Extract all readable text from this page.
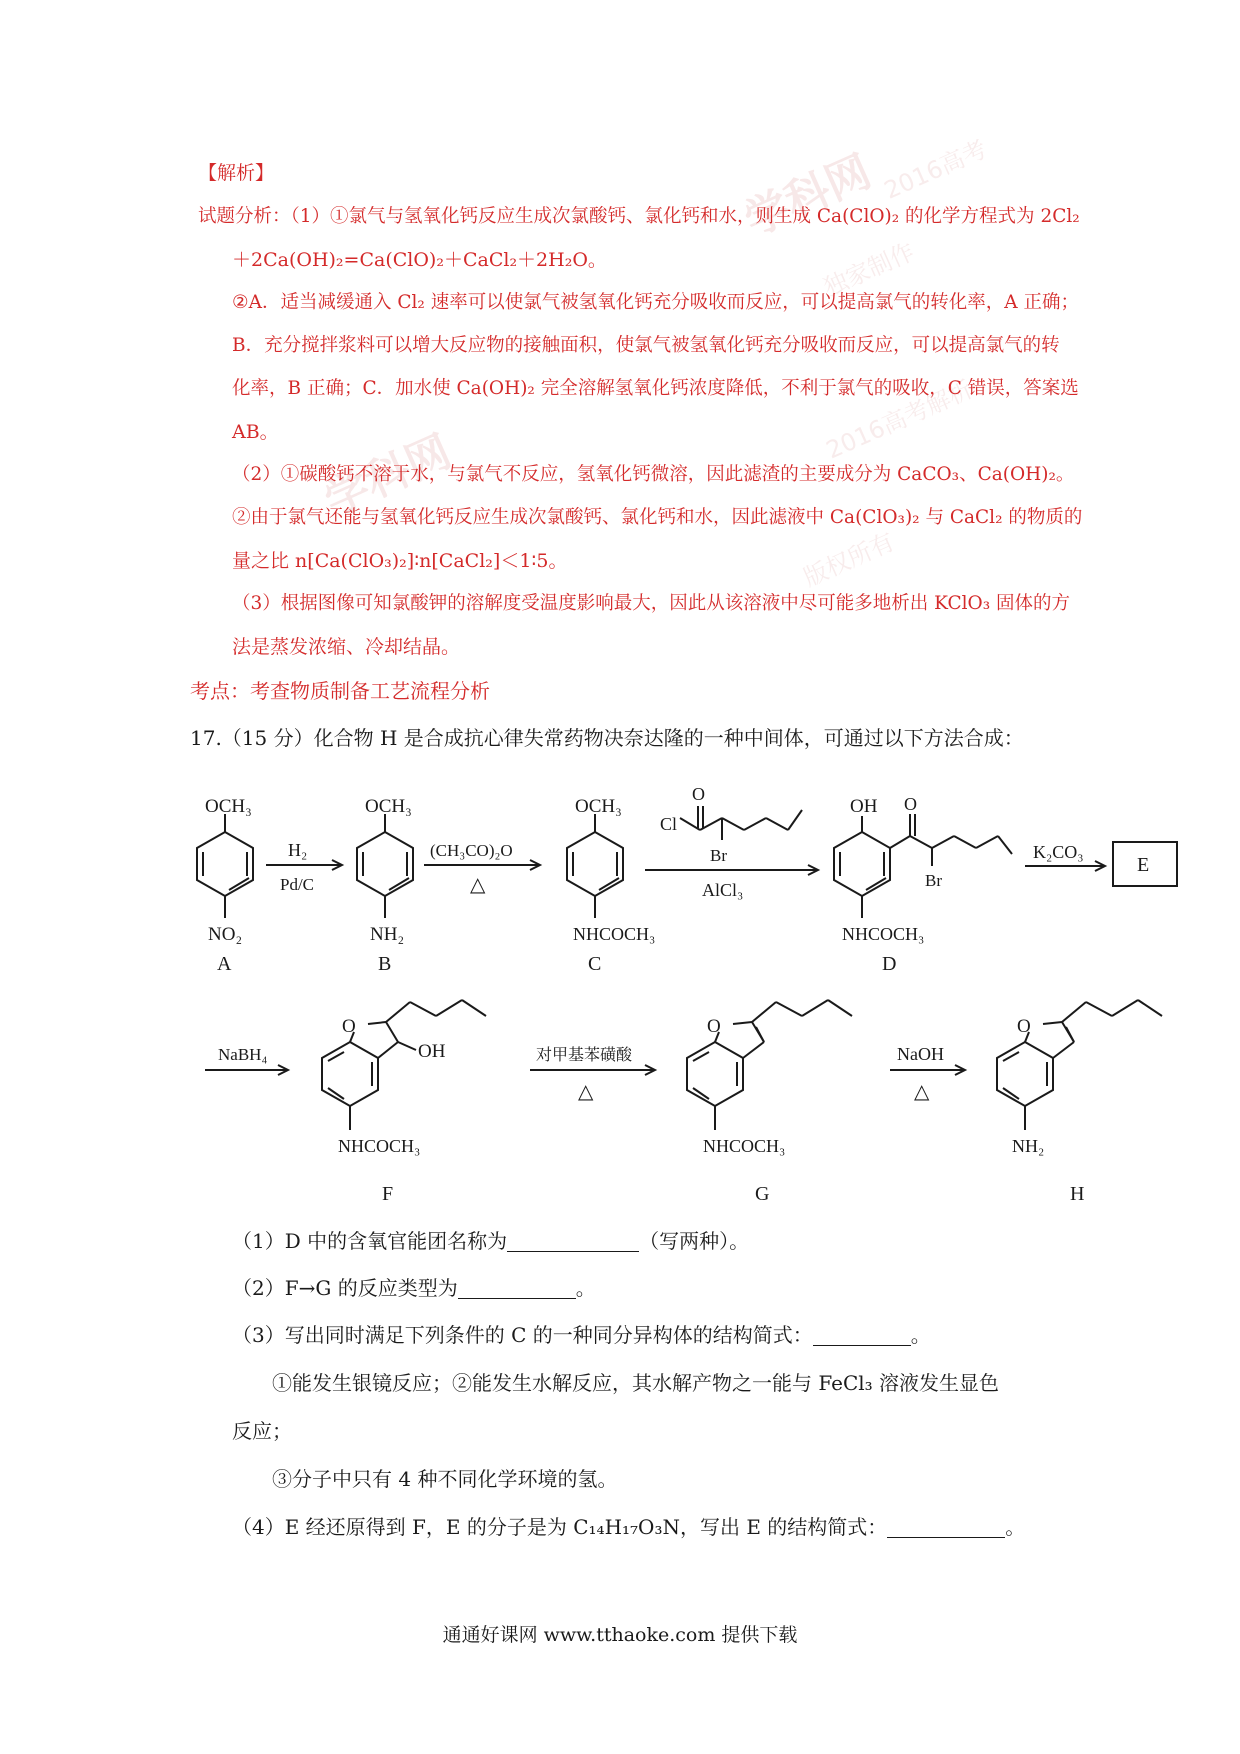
学科网 2016高考
独家制作
学科网
2016高考解析
版权所有
【解析】
试题分析：（1）①氯气与氢氧化钙反应生成次氯酸钙、氯化钙和水，则生成 Ca(ClO)₂ 的化学方程式为 2Cl₂
＋2Ca(OH)₂=Ca(ClO)₂＋CaCl₂＋2H₂O。
②A．适当减缓通入 Cl₂ 速率可以使氯气被氢氧化钙充分吸收而反应，可以提高氯气的转化率，A 正确；
B．充分搅拌浆料可以增大反应物的接触面积，使氯气被氢氧化钙充分吸收而反应，可以提高氯气的转
化率，B 正确；C．加水使 Ca(OH)₂ 完全溶解氢氧化钙浓度降低，不利于氯气的吸收，C 错误，答案选
AB。
（2）①碳酸钙不溶于水，与氯气不反应，氢氧化钙微溶，因此滤渣的主要成分为 CaCO₃、Ca(OH)₂。
②由于氯气还能与氢氧化钙反应生成次氯酸钙、氯化钙和水，因此滤液中 Ca(ClO₃)₂ 与 CaCl₂ 的物质的
量之比 n[Ca(ClO₃)₂]∶n[CaCl₂]＜1∶5。
（3）根据图像可知氯酸钾的溶解度受温度影响最大，因此从该溶液中尽可能多地析出 KClO₃ 固体的方
法是蒸发浓缩、冷却结晶。
考点：考查物质制备工艺流程分析
17.（15 分）化合物 H 是合成抗心律失常药物决奈达隆的一种中间体，可通过以下方法合成：
OCH₃
NO₂
A
H₂
Pd/C
OCH₃
NH₂
B
(CH₃CO)₂O
△
OCH₃
NHCOCH₃
C
O
Cl
Br
AlCl₃
OH O
Br
NHCOCH₃
D
K₂CO₃
E
NaBH₄
O
OH
NHCOCH₃
F
对甲基苯磺酸
△
O
NHCOCH₃
G
NaOH
△
O
NH₂
H
（1）D 中的含氧官能团名称为	（写两种）。
（2）F→G 的反应类型为	。
（3）写出同时满足下列条件的 C 的一种同分异构体的结构简式：	。
①能发生银镜反应；②能发生水解反应，其水解产物之一能与 FeCl₃ 溶液发生显色
反应；
③分子中只有 4 种不同化学环境的氢。
（4）E 经还原得到 F，E 的分子是为 C₁₄H₁₇O₃N，写出 E 的结构简式：	。
通通好课网 www.tthaoke.com 提供下载
